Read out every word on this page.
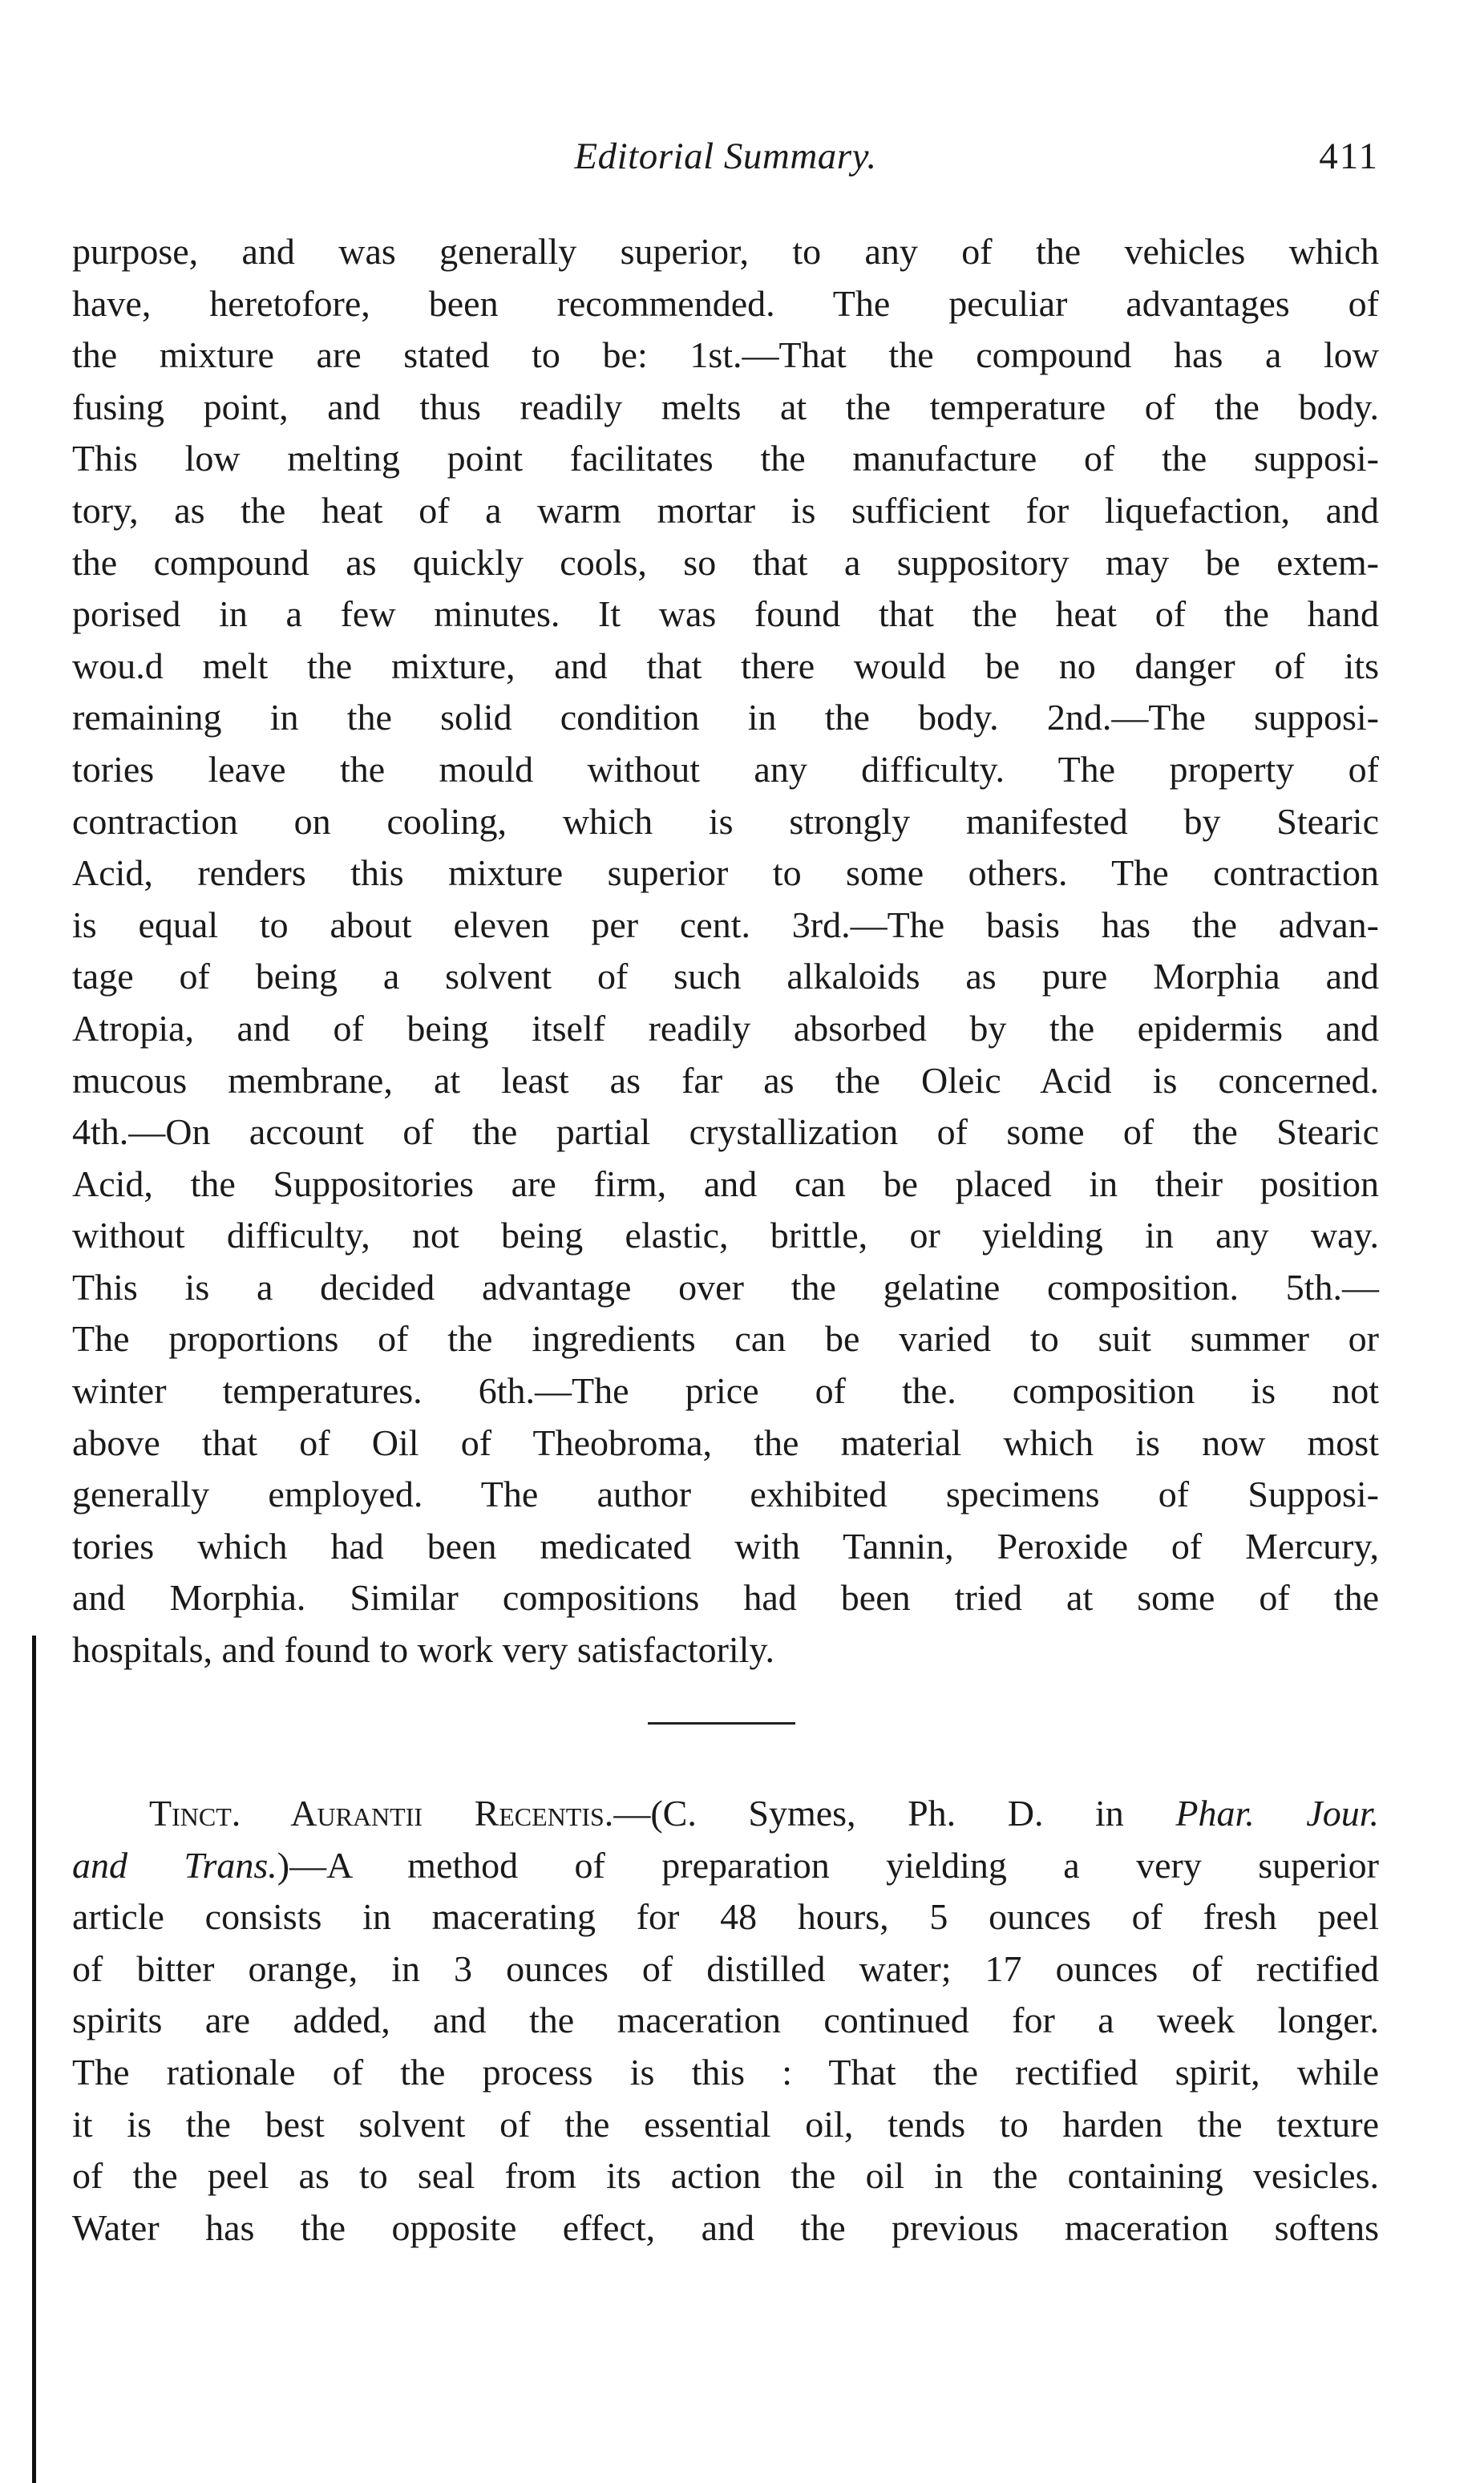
Editorial Summary.	411
purpose, and was generally superior, to any of the vehicles which
have, heretofore, been recommended. The peculiar advantages of
the mixture are stated to be: 1st.—That the compound has a low
fusing point, and thus readily melts at the temperature of the body.
This low melting point facilitates the manufacture of the supposi-
tory, as the heat of a warm mortar is sufficient for liquefaction, and
the compound as quickly cools, so that a suppository may be extem-
porised in a few minutes. It was found that the heat of the hand
wou.d melt the mixture, and that there would be no danger of its
remaining in the solid condition in the body. 2nd.—The supposi-
tories leave the mould without any difficulty. The property of
contraction on cooling, which is strongly manifested by Stearic
Acid, renders this mixture superior to some others. The contraction
is equal to about eleven per cent. 3rd.—The basis has the advan-
tage of being a solvent of such alkaloids as pure Morphia and
Atropia, and of being itself readily absorbed by the epidermis and
mucous membrane, at least as far as the Oleic Acid is concerned.
4th.—On account of the partial crystallization of some of the Stearic
Acid, the Suppositories are firm, and can be placed in their position
without difficulty, not being elastic, brittle, or yielding in any way.
This is a decided advantage over the gelatine composition. 5th.—
The proportions of the ingredients can be varied to suit summer or
winter temperatures. 6th.—The price of the. composition is not
above that of Oil of Theobroma, the material which is now most
generally employed. The author exhibited specimens of Supposi-
tories which had been medicated with Tannin, Peroxide of Mercury,
and Morphia. Similar compositions had been tried at some of the
hospitals, and found to work very satisfactorily.
Tinct. Aurantii Recentis.—(C. Symes, Ph. D. in Phar. Jour.
and Trans.)—A method of preparation yielding a very superior
article consists in macerating for 48 hours, 5 ounces of fresh peel
of bitter orange, in 3 ounces of distilled water; 17 ounces of rectified
spirits are added, and the maceration continued for a week longer.
The rationale of the process is this : That the rectified spirit, while
it is the best solvent of the essential oil, tends to harden the texture
of the peel as to seal from its action the oil in the containing vesicles.
Water has the opposite effect, and the previous maceration softens
